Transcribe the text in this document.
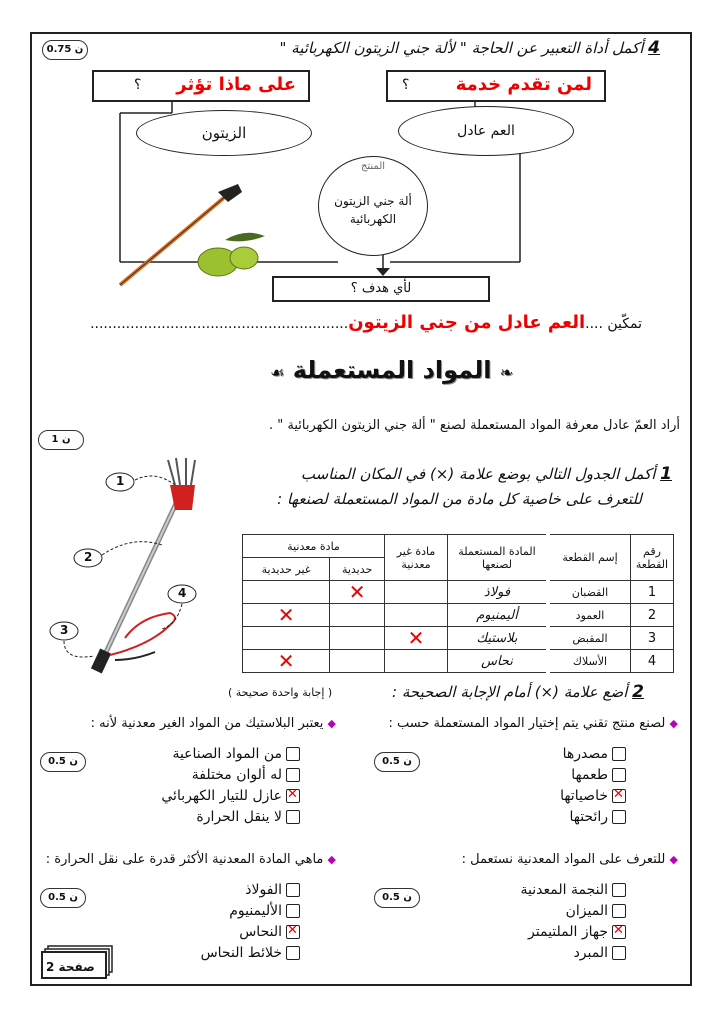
0.75 ن	4 أكمل أداة التعبير عن الحاجة " لألة جني الزيتون الكهربائية "
على ماذا تؤثر
؟	لمن تقدم خدمة
؟
الزيتون	العم عادل
المنتج
ألة جني الزيتون الكهربائية
لأي هدف ؟
تمكّين ....العم عادل من جني الزيتون..........................................................
❧ المواد المستعملة ☙
أراد العمّ عادل معرفة المواد المستعملة لصنع " ألة جني الزيتون الكهربائية " .
1 ن
1 أكمل الجدول التالي بوضع علامة (×) في المكان المناسب
للتعرف على خاصية كل مادة من المواد المستعملة لصنعها :
1
2
3
4
مادة معدنية		مادة غير معدنية	المادة المستعملة لصنعها	إسم القطعة	رقم القطعة
غير حديدية	حديدية				
	✕		فولاذ	القضبان	1
✕			أليمنيوم	العمود	2
		✕	بلاستيك	المقبض	3
✕			نحاس	الأسلاك	4
2 أضع علامة (×) أمام الإجابة الصحيحة :
( إجابة واحدة صحيحة )
◆ لصنع منتج تقني يتم إختيار المواد المستعملة حسب :
0.5 ن	مصدرها
طعمها
✕
خاصياتها
رائحتها
◆ يعتبر البلاستيك من المواد الغير معدنية لأنه :
0.5 ن	من المواد الصناعية
له ألوان مختلفة
✕
عازل للتيار الكهربائي
لا ينقل الحرارة
◆ للتعرف على المواد المعدنية نستعمل :
0.5 ن	النجمة المعدنية
الميزان
✕
جهاز الملتيمتر
المبرد
◆ ماهي المادة المعدنية الأكثر قدرة على نقل الحرارة :
0.5 ن	الفولاذ
الأليمنيوم
✕
النحاس
خلائط النحاس
صفحة 2
